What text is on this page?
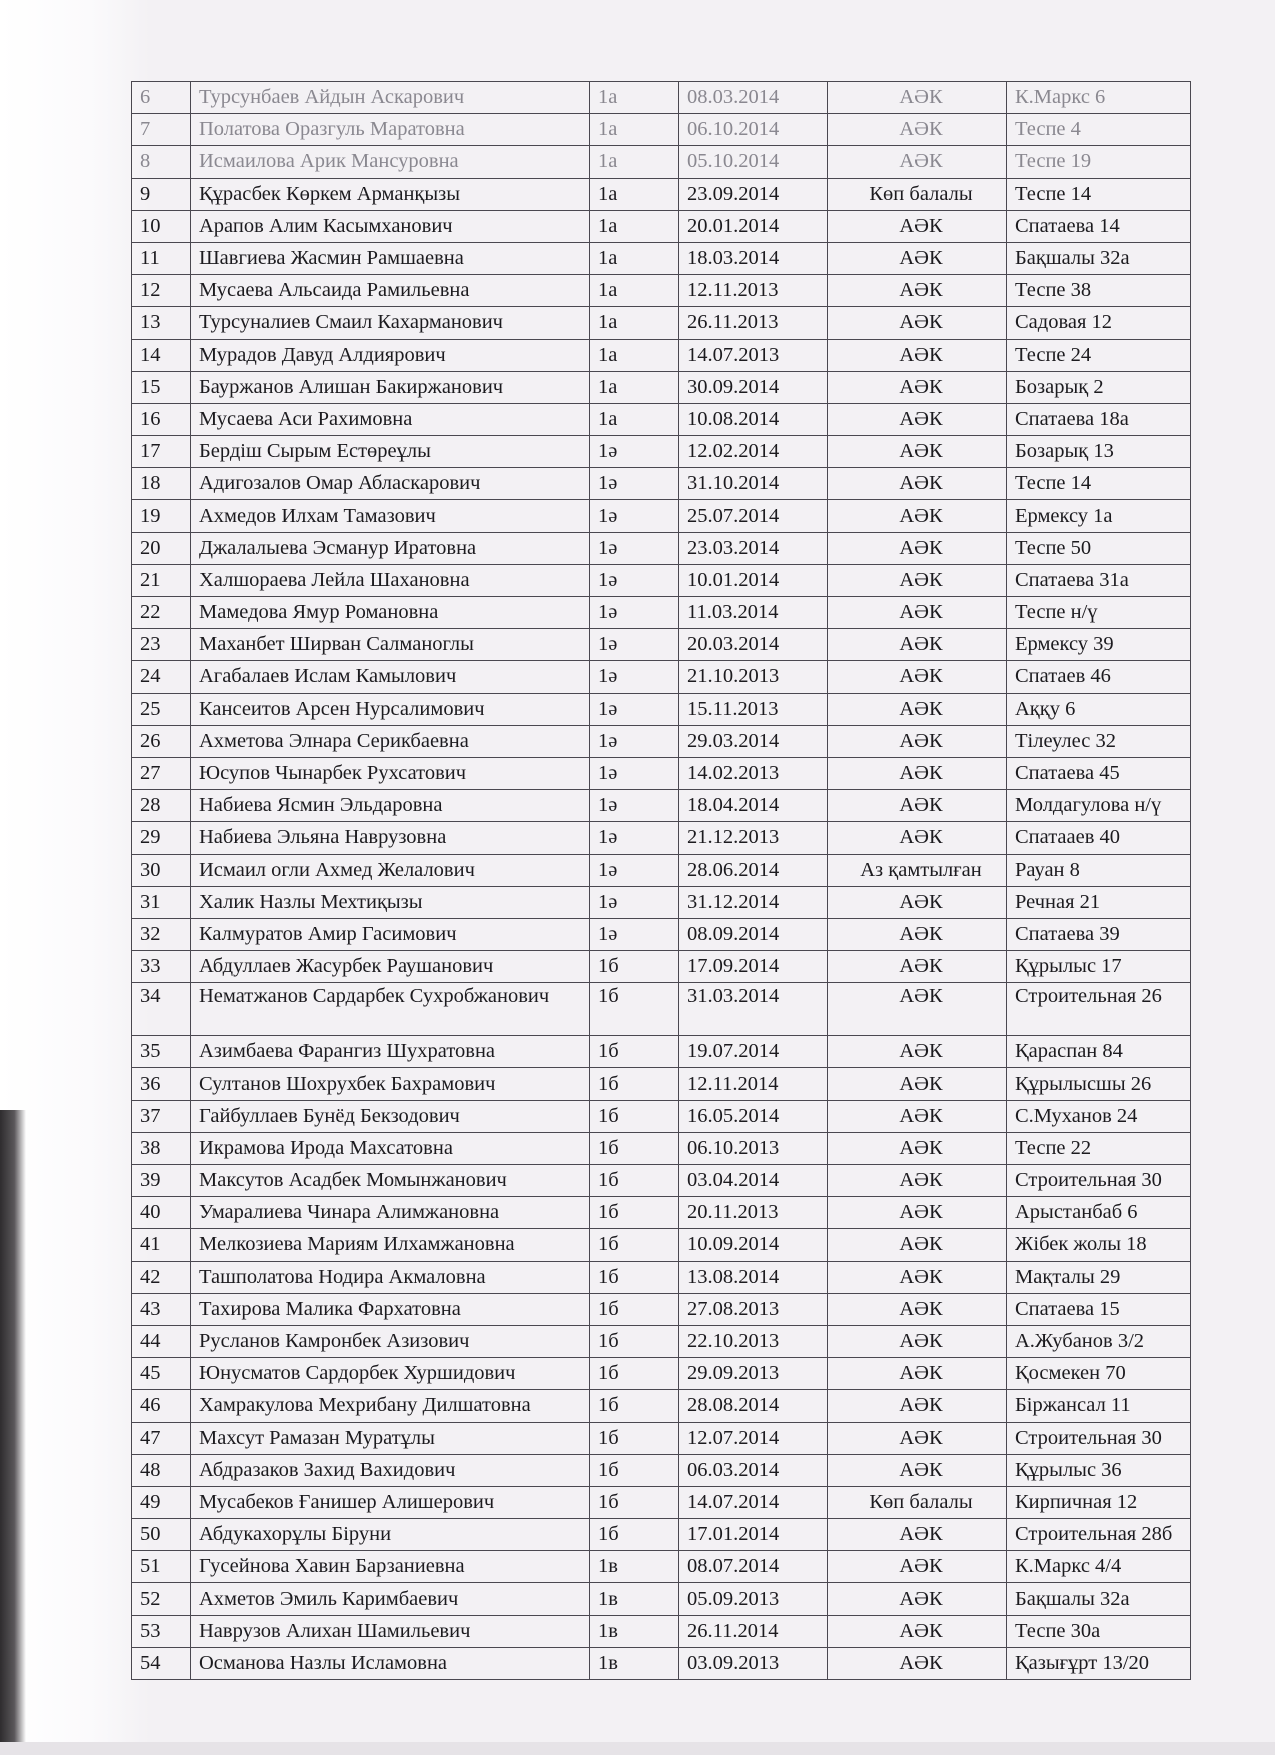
6	Турсунбаев Айдын Аскарович	1а	08.03.2014	АӘК	К.Маркс 6
7	Полатова Оразгуль Маратовна	1а	06.10.2014	АӘК	Теспе 4
8	Исмаилова Арик Мансуровна	1а	05.10.2014	АӘК	Теспе 19
9	Құрасбек Көркем Арманқызы	1а	23.09.2014	Көп балалы	Теспе 14
10	Арапов Алим Касымханович	1а	20.01.2014	АӘК	Спатаева 14
11	Шавгиева Жасмин Рамшаевна	1а	18.03.2014	АӘК	Бақшалы 32а
12	Мусаева Альсаида Рамильевна	1а	12.11.2013	АӘК	Теспе 38
13	Турсуналиев Смаил Кахарманович	1а	26.11.2013	АӘК	Садовая 12
14	Мурадов Давуд Алдиярович	1а	14.07.2013	АӘК	Теспе 24
15	Бауржанов Алишан Бакиржанович	1а	30.09.2014	АӘК	Бозарық 2
16	Мусаева Аси Рахимовна	1а	10.08.2014	АӘК	Спатаева 18а
17	Бердіш Сырым Естөреұлы	1ә	12.02.2014	АӘК	Бозарық 13
18	Адигозалов Омар Абласкарович	1ә	31.10.2014	АӘК	Теспе 14
19	Ахмедов Илхам Тамазович	1ә	25.07.2014	АӘК	Ермексу 1а
20	Джалалыева Эсманур Иратовна	1ә	23.03.2014	АӘК	Теспе 50
21	Халшораева Лейла Шахановна	1ә	10.01.2014	АӘК	Спатаева 31а
22	Мамедова Ямур Романовна	1ә	11.03.2014	АӘК	Теспе н/ү
23	Маханбет Ширван Салманоглы	1ә	20.03.2014	АӘК	Ермексу 39
24	Агабалаев Ислам Камылович	1ә	21.10.2013	АӘК	Спатаев 46
25	Кансеитов Арсен Нурсалимович	1ә	15.11.2013	АӘК	Аққу 6
26	Ахметова Элнара Серикбаевна	1ә	29.03.2014	АӘК	Тілеулес 32
27	Юсупов Чынарбек Рухсатович	1ә	14.02.2013	АӘК	Спатаева 45
28	Набиева Ясмин Эльдаровна	1ә	18.04.2014	АӘК	Молдагулова н/ү
29	Набиева Эльяна Наврузовна	1ә	21.12.2013	АӘК	Спатааев 40
30	Исмаил огли Ахмед Желалович	1ә	28.06.2014	Аз қамтылған	Рауан 8
31	Халик Назлы Мехтиқызы	1ә	31.12.2014	АӘК	Речная 21
32	Калмуратов Амир Гасимович	1ә	08.09.2014	АӘК	Спатаева 39
33	Абдуллаев Жасурбек Раушанович	1б	17.09.2014	АӘК	Құрылыс 17
34	Нематжанов Сардарбек Сухробжанович	1б	31.03.2014	АӘК	Строительная 26
35	Азимбаева Фарангиз Шухратовна	1б	19.07.2014	АӘК	Қараспан 84
36	Султанов Шохрухбек Бахрамович	1б	12.11.2014	АӘК	Құрылысшы 26
37	Гайбуллаев Бунёд Бекзодович	1б	16.05.2014	АӘК	С.Муханов 24
38	Икрамова Ирода Махсатовна	1б	06.10.2013	АӘК	Теспе 22
39	Максутов Асадбек Момынжанович	1б	03.04.2014	АӘК	Строительная 30
40	Умаралиева Чинара Алимжановна	1б	20.11.2013	АӘК	Арыстанбаб 6
41	Мелкозиева Мариям Илхамжановна	1б	10.09.2014	АӘК	Жібек жолы 18
42	Ташполатова Нодира Акмаловна	1б	13.08.2014	АӘК	Мақталы 29
43	Тахирова Малика Фархатовна	1б	27.08.2013	АӘК	Спатаева 15
44	Русланов Камронбек Азизович	1б	22.10.2013	АӘК	А.Жубанов 3/2
45	Юнусматов Сардорбек Хуршидович	1б	29.09.2013	АӘК	Қосмекен 70
46	Хамракулова Мехрибану Дилшатовна	1б	28.08.2014	АӘК	Біржансал 11
47	Махсут Рамазан Муратұлы	1б	12.07.2014	АӘК	Строительная 30
48	Абдразаков Захид Вахидович	1б	06.03.2014	АӘК	Құрылыс 36
49	Мусабеков Ғанишер Алишерович	1б	14.07.2014	Көп балалы	Кирпичная 12
50	Абдукахорұлы Біруни	1б	17.01.2014	АӘК	Строительная 28б
51	Гусейнова Хавин Барзаниевна	1в	08.07.2014	АӘК	К.Маркс 4/4
52	Ахметов Эмиль Каримбаевич	1в	05.09.2013	АӘК	Бақшалы 32а
53	Наврузов Алихан Шамильевич	1в	26.11.2014	АӘК	Теспе 30а
54	Османова Назлы Исламовна	1в	03.09.2013	АӘК	Қазығұрт 13/20
